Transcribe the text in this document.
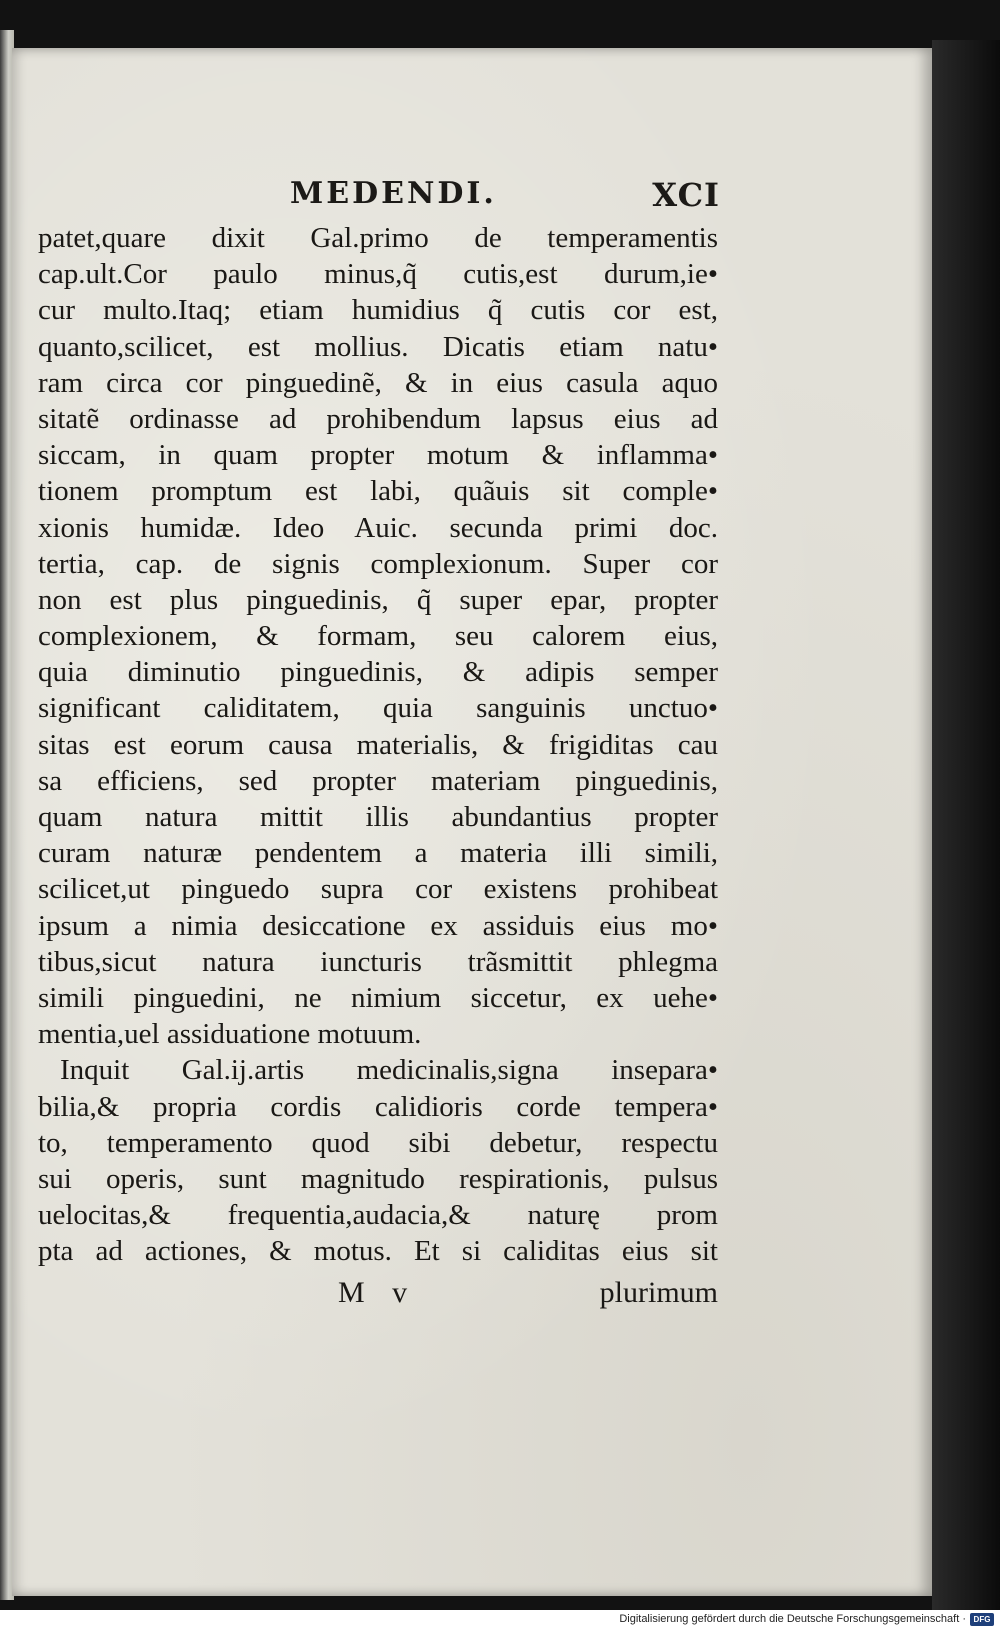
MEDENDI.	XCI
patet,quare dixit Gal.primo de temperamentis
cap.ult.Cor paulo minus,q̃ cutis,est durum,ie•
cur multo.Itaq; etiam humidius q̃ cutis cor est,
quanto,scilicet, est mollius. Dicatis etiam natu•
ram circa cor pinguedinẽ, & in eius casula aquo
sitatẽ ordinasse ad prohibendum lapsus eius ad
siccam, in quam propter motum & inflamma•
tionem promptum est labi, quãuis sit comple•
xionis humidæ. Ideo Auic. secunda primi doc.
tertia, cap. de signis complexionum. Super cor
non est plus pinguedinis, q̃ super epar, propter
complexionem, & formam, seu calorem eius,
quia diminutio pinguedinis, & adipis semper
significant caliditatem, quia sanguinis unctuo•
sitas est eorum causa materialis, & frigiditas cau
sa efficiens, sed propter materiam pinguedinis,
quam natura mittit illis abundantius propter
curam naturæ pendentem a materia illi simili,
scilicet,ut pinguedo supra cor existens prohibeat
ipsum a nimia desiccatione ex assiduis eius mo•
tibus,sicut natura iuncturis trãsmittit phlegma
simili pinguedini, ne nimium siccetur, ex uehe•
mentia,uel assiduatione motuum.
Inquit Gal.ij.artis medicinalis,signa insepara•
bilia,& propria cordis calidioris corde tempera•
to, temperamento quod sibi debetur, respectu
sui operis, sunt magnitudo respirationis, pulsus
uelocitas,& frequentia,audacia,& naturę prom
pta ad actiones, & motus. Et si caliditas eius sit
M v	plurimum
Digitalisierung gefördert durch die Deutsche Forschungsgemeinschaft · DFG
